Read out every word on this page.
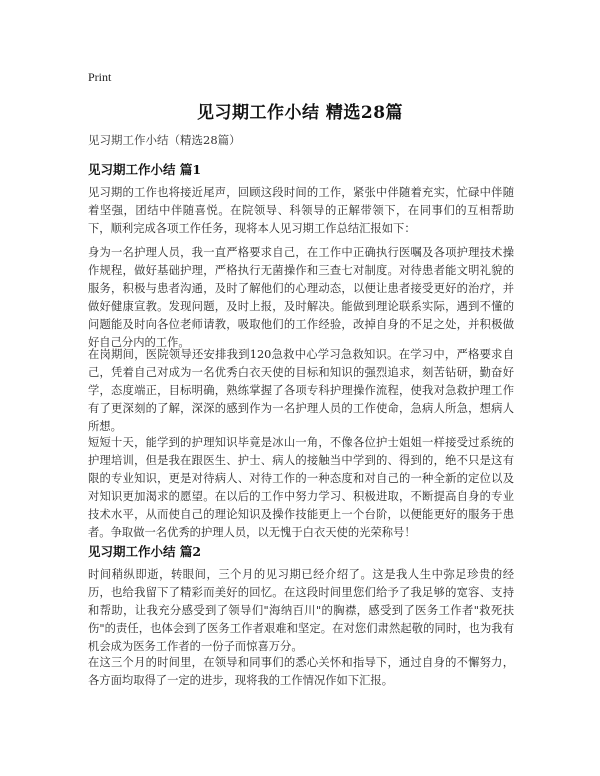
Print
见习期工作小结 精选28篇
见习期工作小结（精选28篇）
见习期工作小结 篇1
见习期的工作也将接近尾声，回顾这段时间的工作，紧张中伴随着充实，忙碌中伴随着坚强，团结中伴随喜悦。在院领导、科领导的正解带领下，在同事们的互相帮助下，顺利完成各项工作任务，现将本人见习期工作总结汇报如下：
身为一名护理人员，我一直严格要求自己，在工作中正确执行医嘱及各项护理技术操作规程，做好基础护理，严格执行无菌操作和三查七对制度。对待患者能文明礼貌的服务，积极与患者沟通，及时了解他们的心理动态，以便让患者接受更好的治疗，并做好健康宣教。发现问题，及时上报，及时解决。能做到理论联系实际，遇到不懂的问题能及时向各位老师请教，吸取他们的工作经验，改掉自身的不足之处，并积极做好自己分内的工作。
在岗期间，医院领导还安排我到120急救中心学习急救知识。在学习中，严格要求自己，凭着自己对成为一名优秀白衣天使的目标和知识的强烈追求，刻苦钻研，勤奋好学，态度端正，目标明确，熟练掌握了各项专科护理操作流程，使我对急救护理工作有了更深刻的了解，深深的感到作为一名护理人员的工作使命，急病人所急，想病人所想。
短短十天，能学到的护理知识毕竟是冰山一角，不像各位护士姐姐一样接受过系统的护理培训，但是我在跟医生、护士、病人的接触当中学到的、得到的，绝不只是这有限的专业知识，更是对待病人、对待工作的一种态度和对自己的一种全新的定位以及对知识更加渴求的愿望。在以后的工作中努力学习、积极进取，不断提高自身的专业技术水平，从而使自己的理论知识及操作技能更上一个台阶，以便能更好的服务于患者。争取做一名优秀的护理人员，以无愧于白衣天使的光荣称号！
见习期工作小结 篇2
时间稍纵即逝，转眼间，三个月的见习期已经介绍了。这是我人生中弥足珍贵的经历，也给我留下了精彩而美好的回忆。在这段时间里您们给予了我足够的宽容、支持和帮助，让我充分感受到了领导们"海纳百川"的胸襟，感受到了医务工作者"救死扶伤"的责任，也体会到了医务工作者艰难和坚定。在对您们肃然起敬的同时，也为我有机会成为医务工作者的一份子而惊喜万分。
在这三个月的时间里，在领导和同事们的悉心关怀和指导下，通过自身的不懈努力，各方面均取得了一定的进步，现将我的工作情况作如下汇报。
